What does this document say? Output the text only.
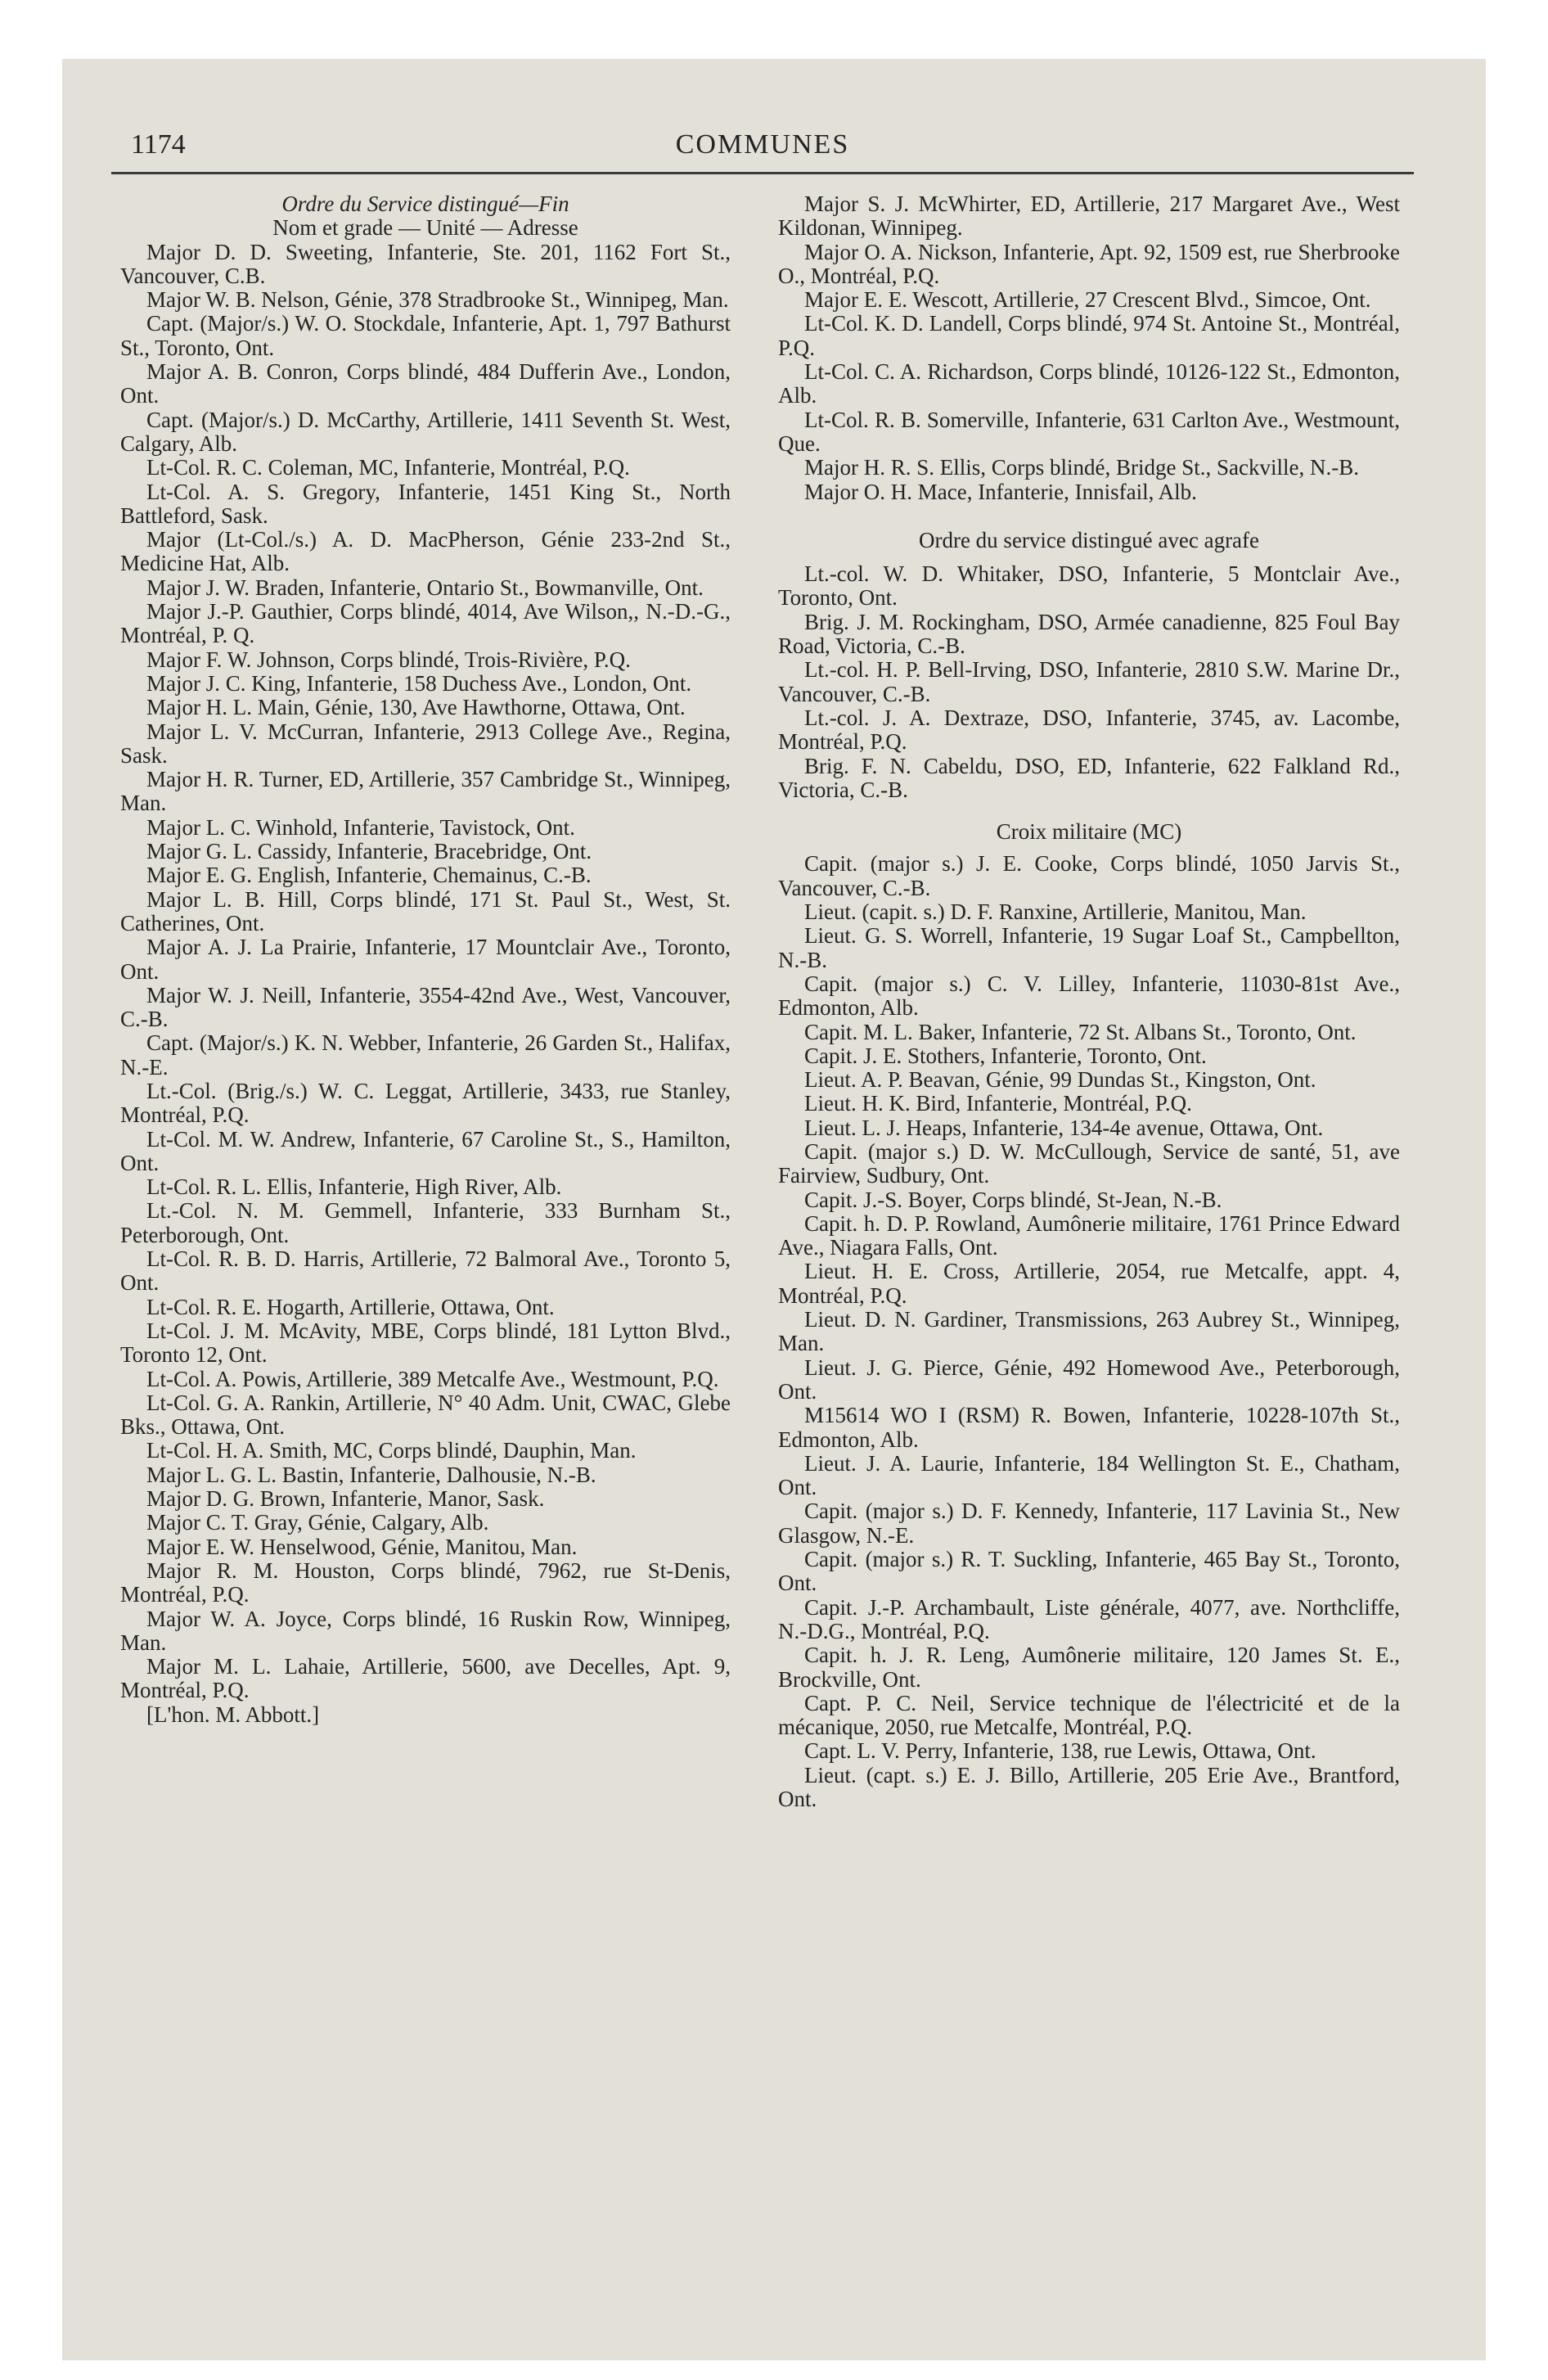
1174	COMMUNES

Ordre du Service distingué—Fin

Nom et grade — Unité — Adresse

Major D. D. Sweeting, Infanterie, Ste. 201, 1162 Fort St., Vancouver, C.B.

Major W. B. Nelson, Génie, 378 Stradbrooke St., Winnipeg, Man.

Capt. (Major/s.) W. O. Stockdale, Infanterie, Apt. 1, 797 Bathurst St., Toronto, Ont.

Major A. B. Conron, Corps blindé, 484 Dufferin Ave., London, Ont.

Capt. (Major/s.) D. McCarthy, Artillerie, 1411 Seventh St. West, Calgary, Alb.

Lt-Col. R. C. Coleman, MC, Infanterie, Montréal, P.Q.

Lt-Col. A. S. Gregory, Infanterie, 1451 King St., North Battleford, Sask.

Major (Lt-Col./s.) A. D. MacPherson, Génie 233-2nd St., Medicine Hat, Alb.

Major J. W. Braden, Infanterie, Ontario St., Bowmanville, Ont.

Major J.-P. Gauthier, Corps blindé, 4014, Ave Wilson,, N.-D.-G., Montréal, P. Q.

Major F. W. Johnson, Corps blindé, Trois-Rivière, P.Q.

Major J. C. King, Infanterie, 158 Duchess Ave., London, Ont.

Major H. L. Main, Génie, 130, Ave Hawthorne, Ottawa, Ont.

Major L. V. McCurran, Infanterie, 2913 College Ave., Regina, Sask.

Major H. R. Turner, ED, Artillerie, 357 Cambridge St., Winnipeg, Man.

Major L. C. Winhold, Infanterie, Tavistock, Ont.

Major G. L. Cassidy, Infanterie, Bracebridge, Ont.

Major E. G. English, Infanterie, Chemainus, C.-B.

Major L. B. Hill, Corps blindé, 171 St. Paul St., West, St. Catherines, Ont.

Major A. J. La Prairie, Infanterie, 17 Mountclair Ave., Toronto, Ont.

Major W. J. Neill, Infanterie, 3554-42nd Ave., West, Vancouver, C.-B.

Capt. (Major/s.) K. N. Webber, Infanterie, 26 Garden St., Halifax, N.-E.

Lt.-Col. (Brig./s.) W. C. Leggat, Artillerie, 3433, rue Stanley, Montréal, P.Q.

Lt-Col. M. W. Andrew, Infanterie, 67 Caroline St., S., Hamilton, Ont.

Lt-Col. R. L. Ellis, Infanterie, High River, Alb.

Lt.-Col. N. M. Gemmell, Infanterie, 333 Burnham St., Peterborough, Ont.

Lt-Col. R. B. D. Harris, Artillerie, 72 Balmoral Ave., Toronto 5, Ont.

Lt-Col. R. E. Hogarth, Artillerie, Ottawa, Ont.

Lt-Col. J. M. McAvity, MBE, Corps blindé, 181 Lytton Blvd., Toronto 12, Ont.

Lt-Col. A. Powis, Artillerie, 389 Metcalfe Ave., Westmount, P.Q.

Lt-Col. G. A. Rankin, Artillerie, N° 40 Adm. Unit, CWAC, Glebe Bks., Ottawa, Ont.

Lt-Col. H. A. Smith, MC, Corps blindé, Dauphin, Man.

Major L. G. L. Bastin, Infanterie, Dalhousie, N.-B.

Major D. G. Brown, Infanterie, Manor, Sask.

Major C. T. Gray, Génie, Calgary, Alb.

Major E. W. Henselwood, Génie, Manitou, Man.

Major R. M. Houston, Corps blindé, 7962, rue St-Denis, Montréal, P.Q.

Major W. A. Joyce, Corps blindé, 16 Ruskin Row, Winnipeg, Man.

Major M. L. Lahaie, Artillerie, 5600, ave Decelles, Apt. 9, Montréal, P.Q.

[L'hon. M. Abbott.]

Major S. J. McWhirter, ED, Artillerie, 217 Margaret Ave., West Kildonan, Winnipeg.

Major O. A. Nickson, Infanterie, Apt. 92, 1509 est, rue Sherbrooke O., Montréal, P.Q.

Major E. E. Wescott, Artillerie, 27 Crescent Blvd., Simcoe, Ont.

Lt-Col. K. D. Landell, Corps blindé, 974 St. Antoine St., Montréal, P.Q.

Lt-Col. C. A. Richardson, Corps blindé, 10126-122 St., Edmonton, Alb.

Lt-Col. R. B. Somerville, Infanterie, 631 Carlton Ave., Westmount, Que.

Major H. R. S. Ellis, Corps blindé, Bridge St., Sackville, N.-B.

Major O. H. Mace, Infanterie, Innisfail, Alb.

Ordre du service distingué avec agrafe

Lt.-col. W. D. Whitaker, DSO, Infanterie, 5 Montclair Ave., Toronto, Ont.

Brig. J. M. Rockingham, DSO, Armée canadienne, 825 Foul Bay Road, Victoria, C.-B.

Lt.-col. H. P. Bell-Irving, DSO, Infanterie, 2810 S.W. Marine Dr., Vancouver, C.-B.

Lt.-col. J. A. Dextraze, DSO, Infanterie, 3745, av. Lacombe, Montréal, P.Q.

Brig. F. N. Cabeldu, DSO, ED, Infanterie, 622 Falkland Rd., Victoria, C.-B.

Croix militaire (MC)

Capit. (major s.) J. E. Cooke, Corps blindé, 1050 Jarvis St., Vancouver, C.-B.

Lieut. (capit. s.) D. F. Ranxine, Artillerie, Manitou, Man.

Lieut. G. S. Worrell, Infanterie, 19 Sugar Loaf St., Campbellton, N.-B.

Capit. (major s.) C. V. Lilley, Infanterie, 11030-81st Ave., Edmonton, Alb.

Capit. M. L. Baker, Infanterie, 72 St. Albans St., Toronto, Ont.

Capit. J. E. Stothers, Infanterie, Toronto, Ont.

Lieut. A. P. Beavan, Génie, 99 Dundas St., Kingston, Ont.

Lieut. H. K. Bird, Infanterie, Montréal, P.Q.

Lieut. L. J. Heaps, Infanterie, 134-4e avenue, Ottawa, Ont.

Capit. (major s.) D. W. McCullough, Service de santé, 51, ave Fairview, Sudbury, Ont.

Capit. J.-S. Boyer, Corps blindé, St-Jean, N.-B.

Capit. h. D. P. Rowland, Aumônerie militaire, 1761 Prince Edward Ave., Niagara Falls, Ont.

Lieut. H. E. Cross, Artillerie, 2054, rue Metcalfe, appt. 4, Montréal, P.Q.

Lieut. D. N. Gardiner, Transmissions, 263 Aubrey St., Winnipeg, Man.

Lieut. J. G. Pierce, Génie, 492 Homewood Ave., Peterborough, Ont.

M15614 WO I (RSM) R. Bowen, Infanterie, 10228-107th St., Edmonton, Alb.

Lieut. J. A. Laurie, Infanterie, 184 Wellington St. E., Chatham, Ont.

Capit. (major s.) D. F. Kennedy, Infanterie, 117 Lavinia St., New Glasgow, N.-E.

Capit. (major s.) R. T. Suckling, Infanterie, 465 Bay St., Toronto, Ont.

Capit. J.-P. Archambault, Liste générale, 4077, ave. Northcliffe, N.-D.G., Montréal, P.Q.

Capit. h. J. R. Leng, Aumônerie militaire, 120 James St. E., Brockville, Ont.

Capt. P. C. Neil, Service technique de l'électricité et de la mécanique, 2050, rue Metcalfe, Montréal, P.Q.

Capt. L. V. Perry, Infanterie, 138, rue Lewis, Ottawa, Ont.

Lieut. (capt. s.) E. J. Billo, Artillerie, 205 Erie Ave., Brantford, Ont.
